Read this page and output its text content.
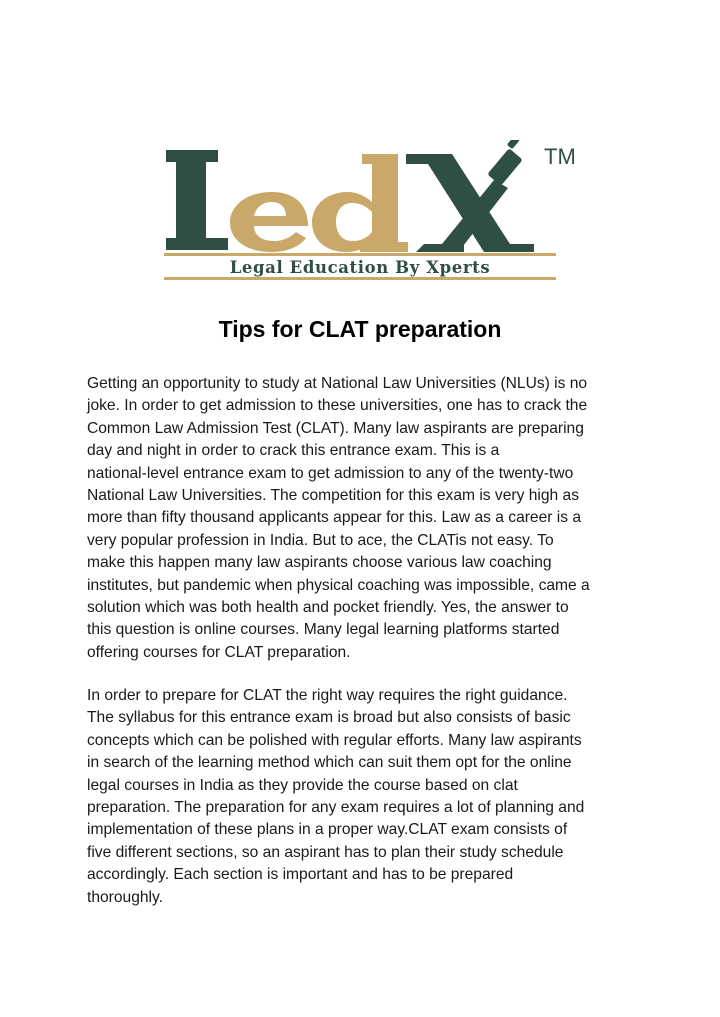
TM
Legal Education By Xperts
Tips for CLAT preparation

Getting an opportunity to study at National Law Universities (NLUs) is no
joke. In order to get admission to these universities, one has to crack the
Common Law Admission Test (CLAT). Many law aspirants are preparing
day and night in order to crack this entrance exam. This is a
national-level entrance exam to get admission to any of the twenty-two
National Law Universities. The competition for this exam is very high as
more than fifty thousand applicants appear for this. Law as a career is a
very popular profession in India. But to ace, the CLATis not easy. To
make this happen many law aspirants choose various law coaching
institutes, but pandemic when physical coaching was impossible, came a
solution which was both health and pocket friendly. Yes, the answer to
this question is online courses. Many legal learning platforms started
offering courses for CLAT preparation.

In order to prepare for CLAT the right way requires the right guidance.
The syllabus for this entrance exam is broad but also consists of basic
concepts which can be polished with regular efforts. Many law aspirants
in search of the learning method which can suit them opt for the online
legal courses in India as they provide the course based on clat
preparation. The preparation for any exam requires a lot of planning and
implementation of these plans in a proper way.CLAT exam consists of
five different sections, so an aspirant has to plan their study schedule
accordingly. Each section is important and has to be prepared
thoroughly.
